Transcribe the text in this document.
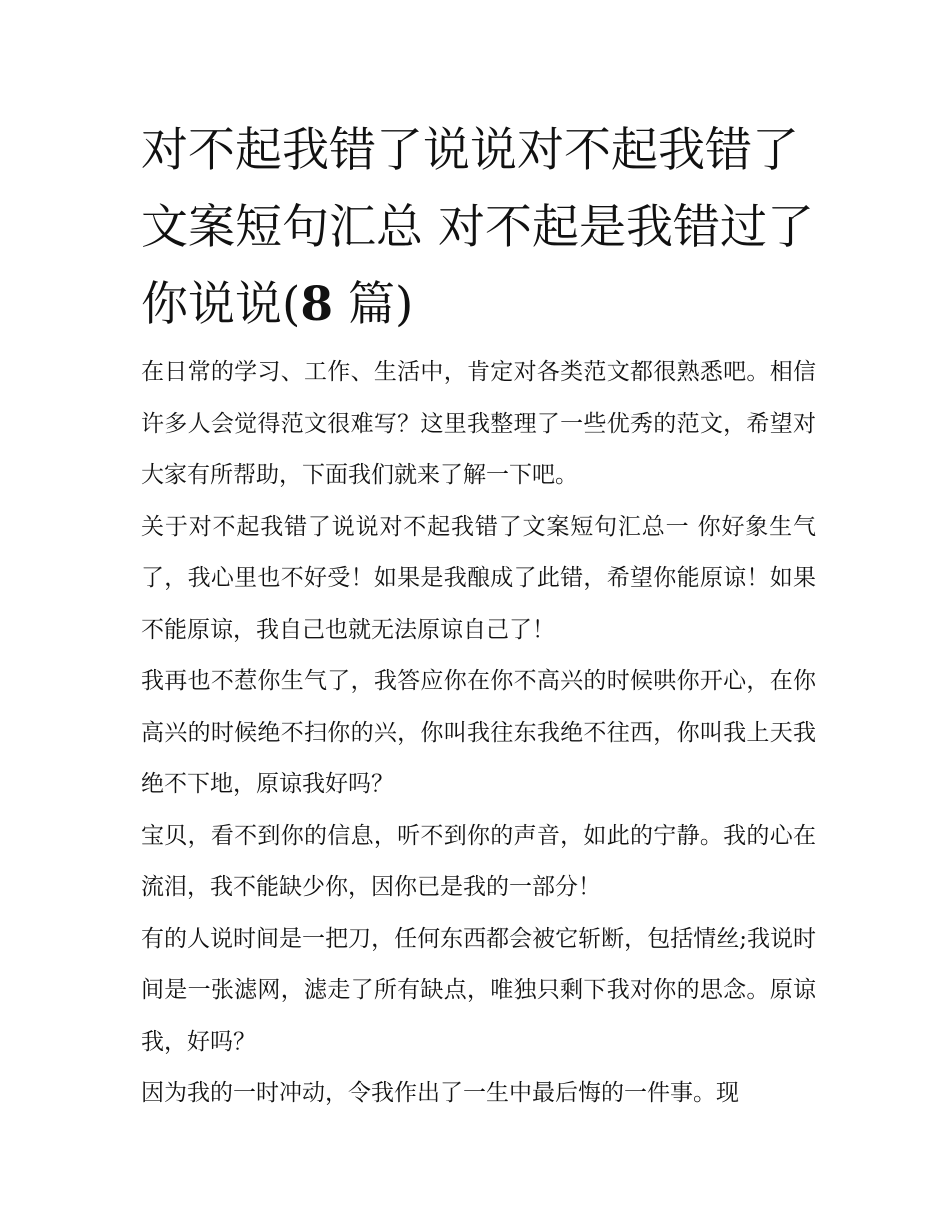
对不起我错了说说对不起我错了文案短句汇总 对不起是我错过了你说说(8 篇)

在日常的学习、工作、生活中，肯定对各类范文都很熟悉吧。相信许多人会觉得范文很难写？这里我整理了一些优秀的范文，希望对大家有所帮助，下面我们就来了解一下吧。

关于对不起我错了说说对不起我错了文案短句汇总一 你好象生气了，我心里也不好受！如果是我酿成了此错，希望你能原谅！如果不能原谅，我自己也就无法原谅自己了！

我再也不惹你生气了，我答应你在你不高兴的时候哄你开心，在你高兴的时候绝不扫你的兴，你叫我往东我绝不往西，你叫我上天我绝不下地，原谅我好吗？

宝贝，看不到你的信息，听不到你的声音，如此的宁静。我的心在流泪，我不能缺少你，因你已是我的一部分！

有的人说时间是一把刀，任何东西都会被它斩断，包括情丝;我说时间是一张滤网，滤走了所有缺点，唯独只剩下我对你的思念。原谅我，好吗？

因为我的一时冲动，令我作出了一生中最后悔的一件事。现
